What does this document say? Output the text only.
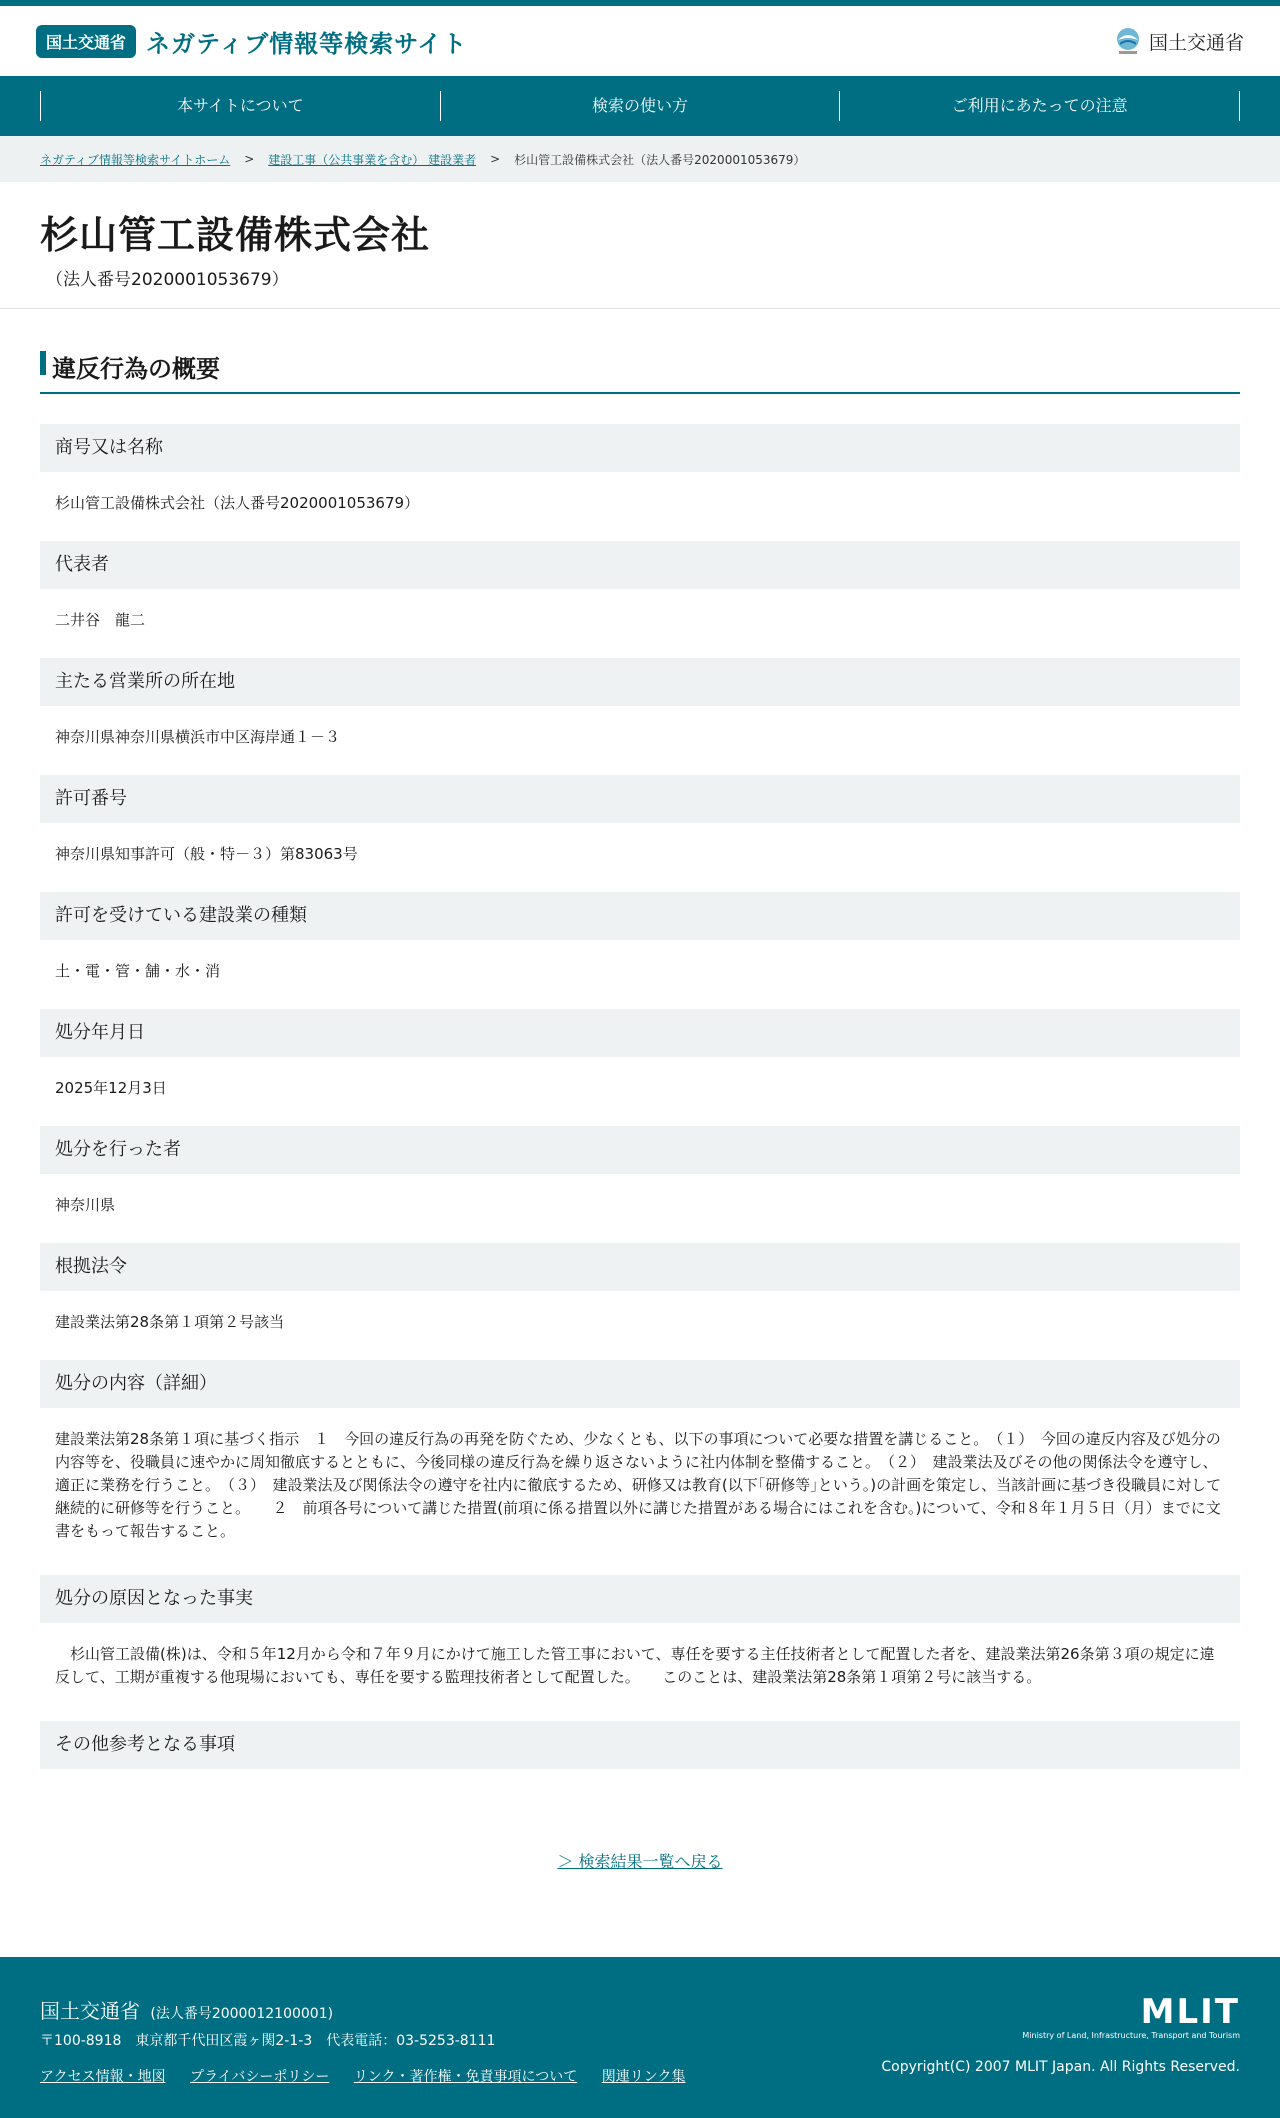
国土交通省 ネガティブ情報等検索サイト	国土交通省
本サイトについて	検索の使い方	ご利用にあたっての注意
ネガティブ情報等検索サイトホーム > 建設工事（公共事業を含む） 建設業者 > 杉山管工設備株式会社（法人番号2020001053679）
杉山管工設備株式会社
（法人番号2020001053679）
違反行為の概要
商号又は名称
杉山管工設備株式会社（法人番号2020001053679）
代表者
二井谷　龍二
主たる営業所の所在地
神奈川県神奈川県横浜市中区海岸通１－３
許可番号
神奈川県知事許可（般・特－３）第83063号
許可を受けている建設業の種類
土・電・管・舗・水・消
処分年月日
2025年12月3日
処分を行った者
神奈川県
根拠法令
建設業法第28条第１項第２号該当
処分の内容（詳細）
建設業法第28条第１項に基づく指示　１　今回の違反行為の再発を防ぐため、少なくとも、以下の事項について必要な措置を講じること。　（１）　今回の違反内容及び処分の内容等を、役職員に速やかに周知徹底するとともに、今後同様の違反行為を繰り返さないように社内体制を整備すること。　（２）　建設業法及びその他の関係法令を遵守し、適正に業務を行うこと。　（３）　建設業法及び関係法令の遵守を社内に徹底するため、研修又は教育(以下｢研修等｣という。)の計画を策定し、当該計画に基づき役職員に対して継続的に研修等を行うこと。　　２　前項各号について講じた措置(前項に係る措置以外に講じた措置がある場合にはこれを含む｡)について、令和８年１月５日（月）までに文書をもって報告すること。
処分の原因となった事実
　杉山管工設備(株)は、令和５年12月から令和７年９月にかけて施工した管工事において、専任を要する主任技術者として配置した者を、建設業法第26条第３項の規定に違反して、工期が重複する他現場においても、専任を要する監理技術者として配置した。　　このことは、建設業法第28条第１項第２号に該当する。
その他参考となる事項
＞ 検索結果一覧へ戻る
国土交通省 (法人番号2000012100001)
〒100-8918　東京都千代田区霞ヶ関2-1-3　代表電話：03-5253-8111
アクセス情報・地図 プライバシーポリシー リンク・著作権・免責事項について 関連リンク集
MLIT
Ministry of Land, Infrastructure, Transport and Tourism
Copyright(C) 2007 MLIT Japan. All Rights Reserved.
